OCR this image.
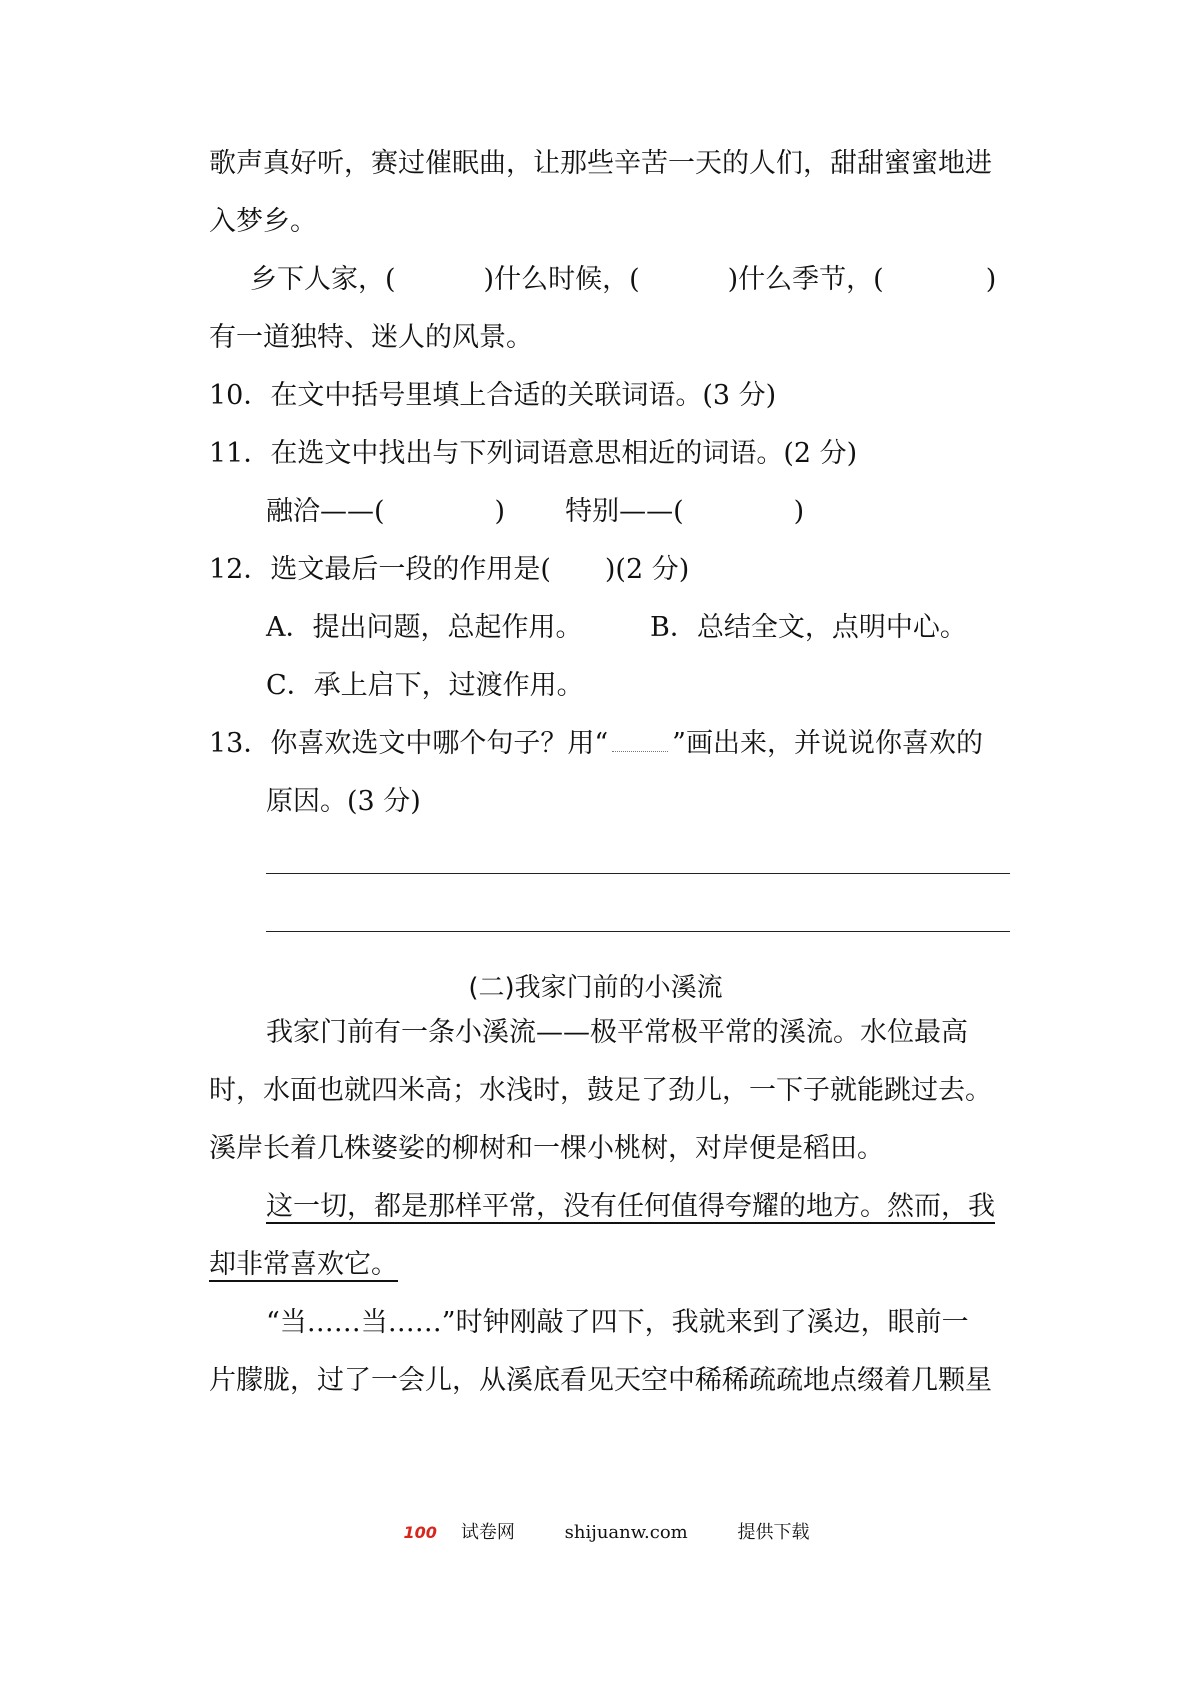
歌声真好听，赛过催眠曲，让那些辛苦一天的人们，甜甜蜜蜜地进
入梦乡。
乡下人家，(	)什么时候，(	)什么季节，(	)
有一道独特、迷人的风景。
10．在文中括号里填上合适的关联词语。(3 分)
11．在选文中找出与下列词语意思相近的词语。(2 分)
融洽——(	) 特别——(	)
12．选文最后一段的作用是(　　)(2 分)
A．提出问题，总起作用。	B．总结全文，点明中心。
C．承上启下，过渡作用。
13．你喜欢选文中哪个句子？用“ ”画出来，并说说你喜欢的
原因。(3 分)
(二)我家门前的小溪流
我家门前有一条小溪流——极平常极平常的溪流。水位最高
时，水面也就四米高；水浅时，鼓足了劲儿，一下子就能跳过去。
溪岸长着几株婆娑的柳树和一棵小桃树，对岸便是稻田。
这一切，都是那样平常，没有任何值得夸耀的地方。然而，我
却非常喜欢它。
“当……当……”时钟刚敲了四下，我就来到了溪边，眼前一
片朦胧，过了一会儿，从溪底看见天空中稀稀疏疏地点缀着几颗星
100 试卷网	shijuanw.com	提供下载
